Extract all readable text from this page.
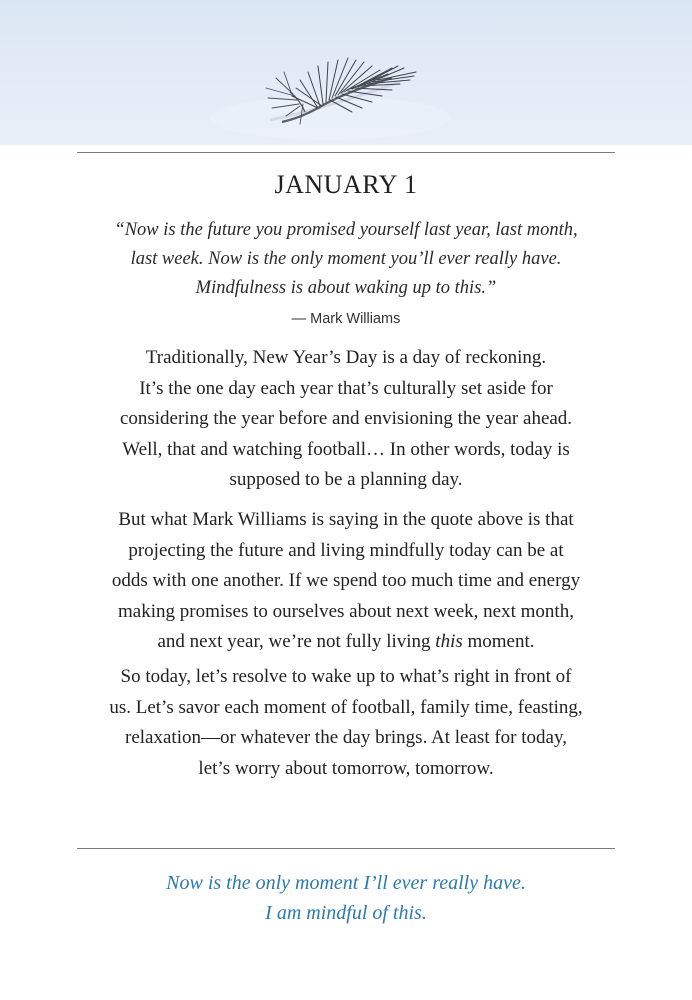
JANUARY 1
“Now is the future you promised yourself last year, last month,
last week. Now is the only moment you’ll ever really have.
Mindfulness is about waking up to this.”
— Mark Williams
Traditionally, New Year’s Day is a day of reckoning.
It’s the one day each year that’s culturally set aside for
considering the year before and envisioning the year ahead.
Well, that and watching football… In other words, today is
supposed to be a planning day.
But what Mark Williams is saying in the quote above is that
projecting the future and living mindfully today can be at
odds with one another. If we spend too much time and energy
making promises to ourselves about next week, next month,
and next year, we’re not fully living this moment.
So today, let’s resolve to wake up to what’s right in front of
us. Let’s savor each moment of football, family time, feasting,
relaxation—or whatever the day brings. At least for today,
let’s worry about tomorrow, tomorrow.
Now is the only moment I’ll ever really have.
I am mindful of this.
